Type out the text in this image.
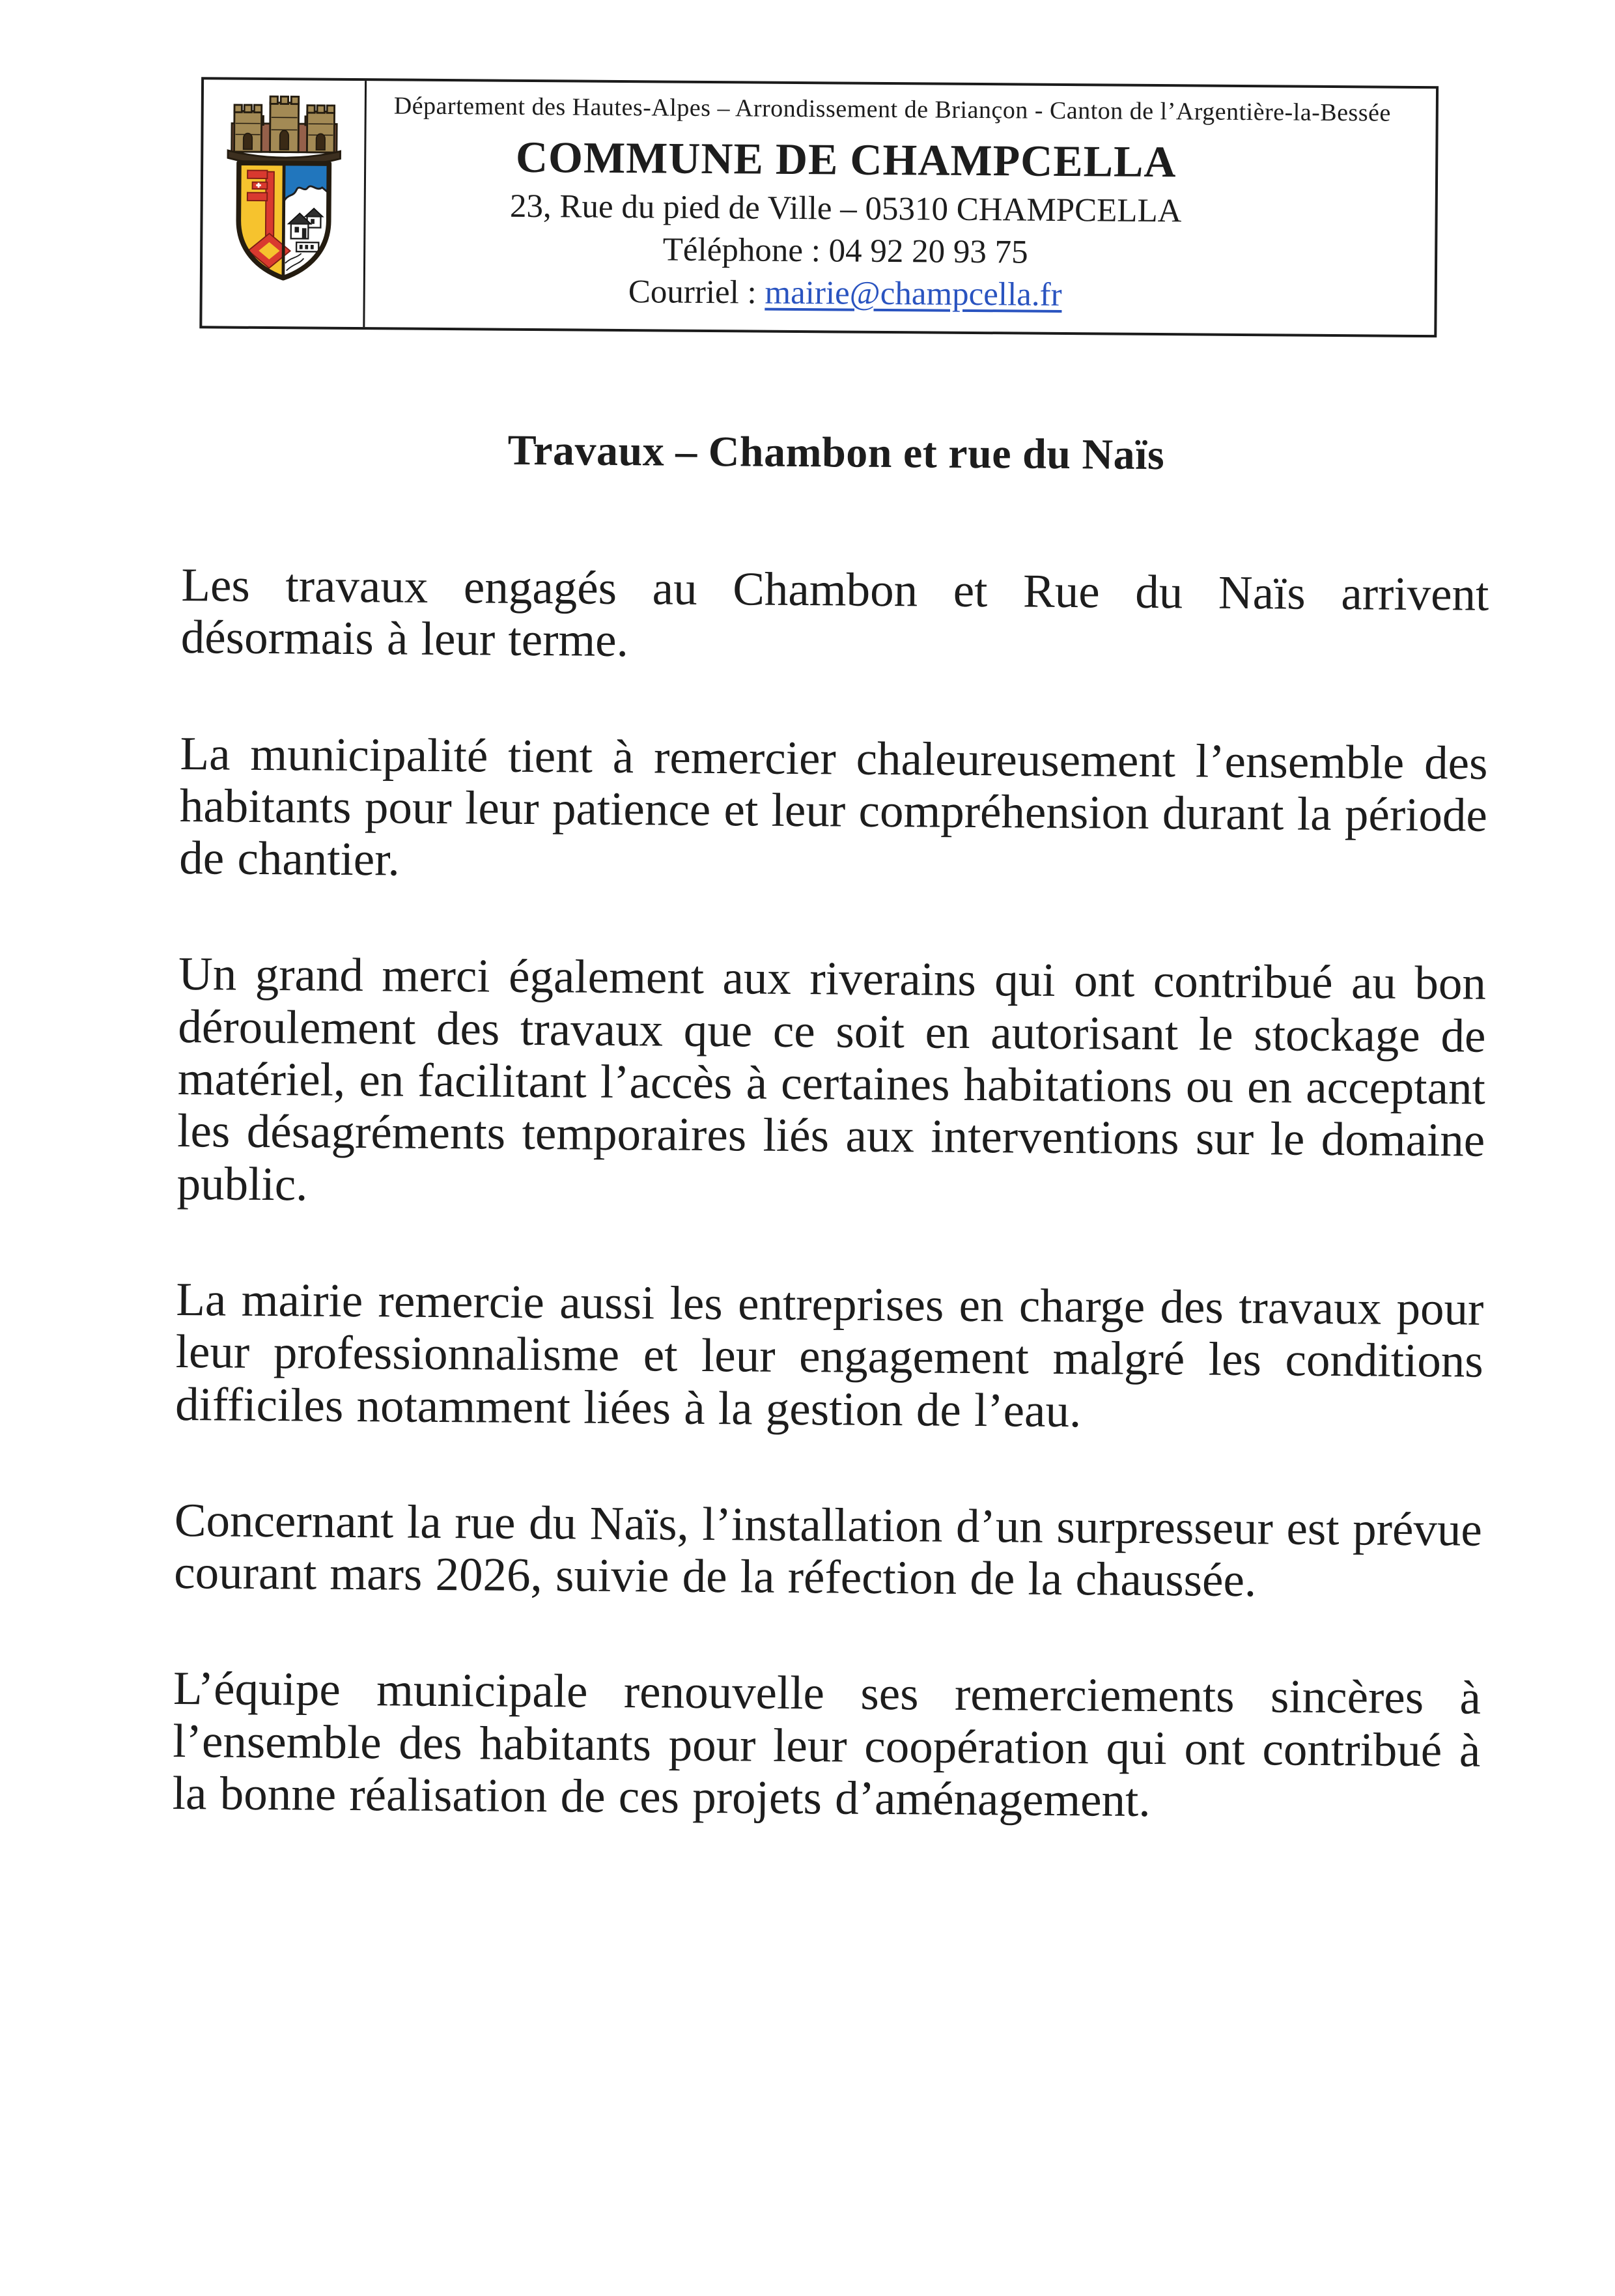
Département des Hautes-Alpes – Arrondissement de Briançon - Canton de l’Argentière-la-Bessée
COMMUNE DE CHAMPCELLA
23, Rue du pied de Ville – 05310 CHAMPCELLA
Téléphone : 04 92 20 93 75
Courriel : mairie@champcella.fr
Travaux – Chambon et rue du Naïs

Les travaux engagés au Chambon et Rue du Naïs arrivent désormais à leur terme.

La municipalité tient à remercier chaleureusement l’ensemble des habitants pour leur patience et leur compréhension durant la période de chantier.

Un grand merci également aux riverains qui ont contribué au bon déroulement des travaux que ce soit en autorisant le stockage de matériel, en facilitant l’accès à certaines habitations ou en acceptant les désagréments temporaires liés aux interventions sur le domaine public.

La mairie remercie aussi les entreprises en charge des travaux pour leur professionnalisme et leur engagement malgré les conditions difficiles notamment liées à la gestion de l’eau.

Concernant la rue du Naïs, l’installation d’un surpresseur est prévue courant mars 2026, suivie de la réfection de la chaussée.

L’équipe municipale renouvelle ses remerciements sincères à l’ensemble des habitants pour leur coopération qui ont contribué à la bonne réalisation de ces projets d’aménagement.
